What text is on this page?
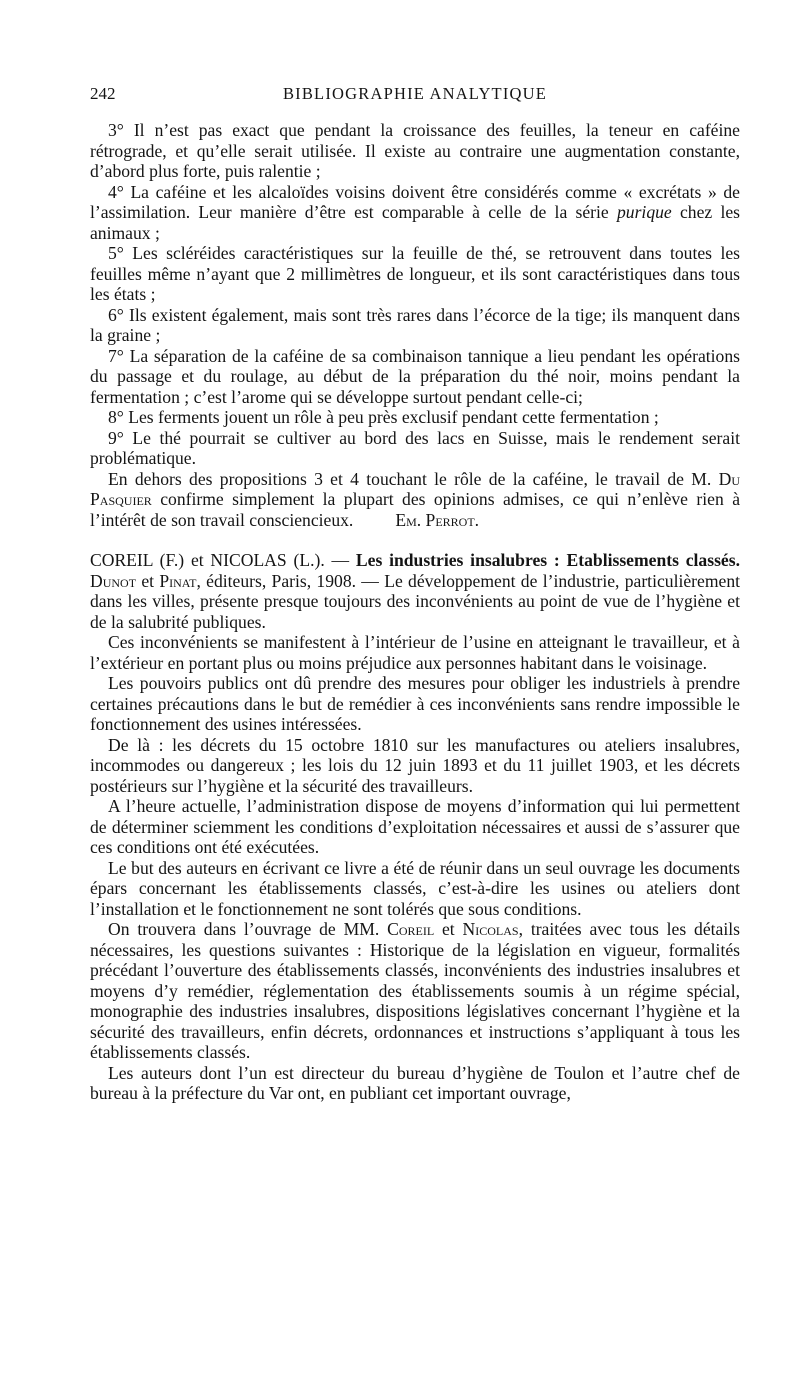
242	BIBLIOGRAPHIE ANALYTIQUE

3° Il n’est pas exact que pendant la croissance des feuilles, la teneur en caféine rétrograde, et qu’elle serait utilisée. Il existe au contraire une augmentation constante, d’abord plus forte, puis ralentie ;

4° La caféine et les alcaloïdes voisins doivent être considérés comme « excrétats » de l’assimilation. Leur manière d’être est comparable à celle de la série purique chez les animaux ;

5° Les scléréides caractéristiques sur la feuille de thé, se retrouvent dans toutes les feuilles même n’ayant que 2 millimètres de longueur, et ils sont caractéristiques dans tous les états ;

6° Ils existent également, mais sont très rares dans l’écorce de la tige; ils manquent dans la graine ;

7° La séparation de la caféine de sa combinaison tannique a lieu pendant les opérations du passage et du roulage, au début de la préparation du thé noir, moins pendant la fermentation ; c’est l’arome qui se développe surtout pendant celle-ci;

8° Les ferments jouent un rôle à peu près exclusif pendant cette fermentation ;

9° Le thé pourrait se cultiver au bord des lacs en Suisse, mais le rendement serait problématique.

En dehors des propositions 3 et 4 touchant le rôle de la caféine, le travail de M. Du Pasquier confirme simplement la plupart des opinions admises, ce qui n’enlève rien à l’intérêt de son travail consciencieux. Em. Perrot.

COREIL (F.) et NICOLAS (L.). — Les industries insalubres : Etablissements classés. Dunot et Pinat, éditeurs, Paris, 1908. — Le développement de l’industrie, particulièrement dans les villes, présente presque toujours des inconvénients au point de vue de l’hygiène et de la salubrité publiques.

Ces inconvénients se manifestent à l’intérieur de l’usine en atteignant le travailleur, et à l’extérieur en portant plus ou moins préjudice aux personnes habitant dans le voisinage.

Les pouvoirs publics ont dû prendre des mesures pour obliger les industriels à prendre certaines précautions dans le but de remédier à ces inconvénients sans rendre impossible le fonctionnement des usines intéressées.

De là : les décrets du 15 octobre 1810 sur les manufactures ou ateliers insalubres, incommodes ou dangereux ; les lois du 12 juin 1893 et du 11 juillet 1903, et les décrets postérieurs sur l’hygiène et la sécurité des travailleurs.

A l’heure actuelle, l’administration dispose de moyens d’information qui lui permettent de déterminer sciemment les conditions d’exploitation nécessaires et aussi de s’assurer que ces conditions ont été exécutées.

Le but des auteurs en écrivant ce livre a été de réunir dans un seul ouvrage les documents épars concernant les établissements classés, c’est-à-dire les usines ou ateliers dont l’installation et le fonctionnement ne sont tolérés que sous conditions.

On trouvera dans l’ouvrage de MM. Coreil et Nicolas, traitées avec tous les détails nécessaires, les questions suivantes : Historique de la législation en vigueur, formalités précédant l’ouverture des établissements classés, inconvénients des industries insalubres et moyens d’y remédier, réglementation des établissements soumis à un régime spécial, monographie des industries insalubres, dispositions législatives concernant l’hygiène et la sécurité des travailleurs, enfin décrets, ordonnances et instructions s’appliquant à tous les établissements classés.

Les auteurs dont l’un est directeur du bureau d’hygiène de Toulon et l’autre chef de bureau à la préfecture du Var ont, en publiant cet important ouvrage,
